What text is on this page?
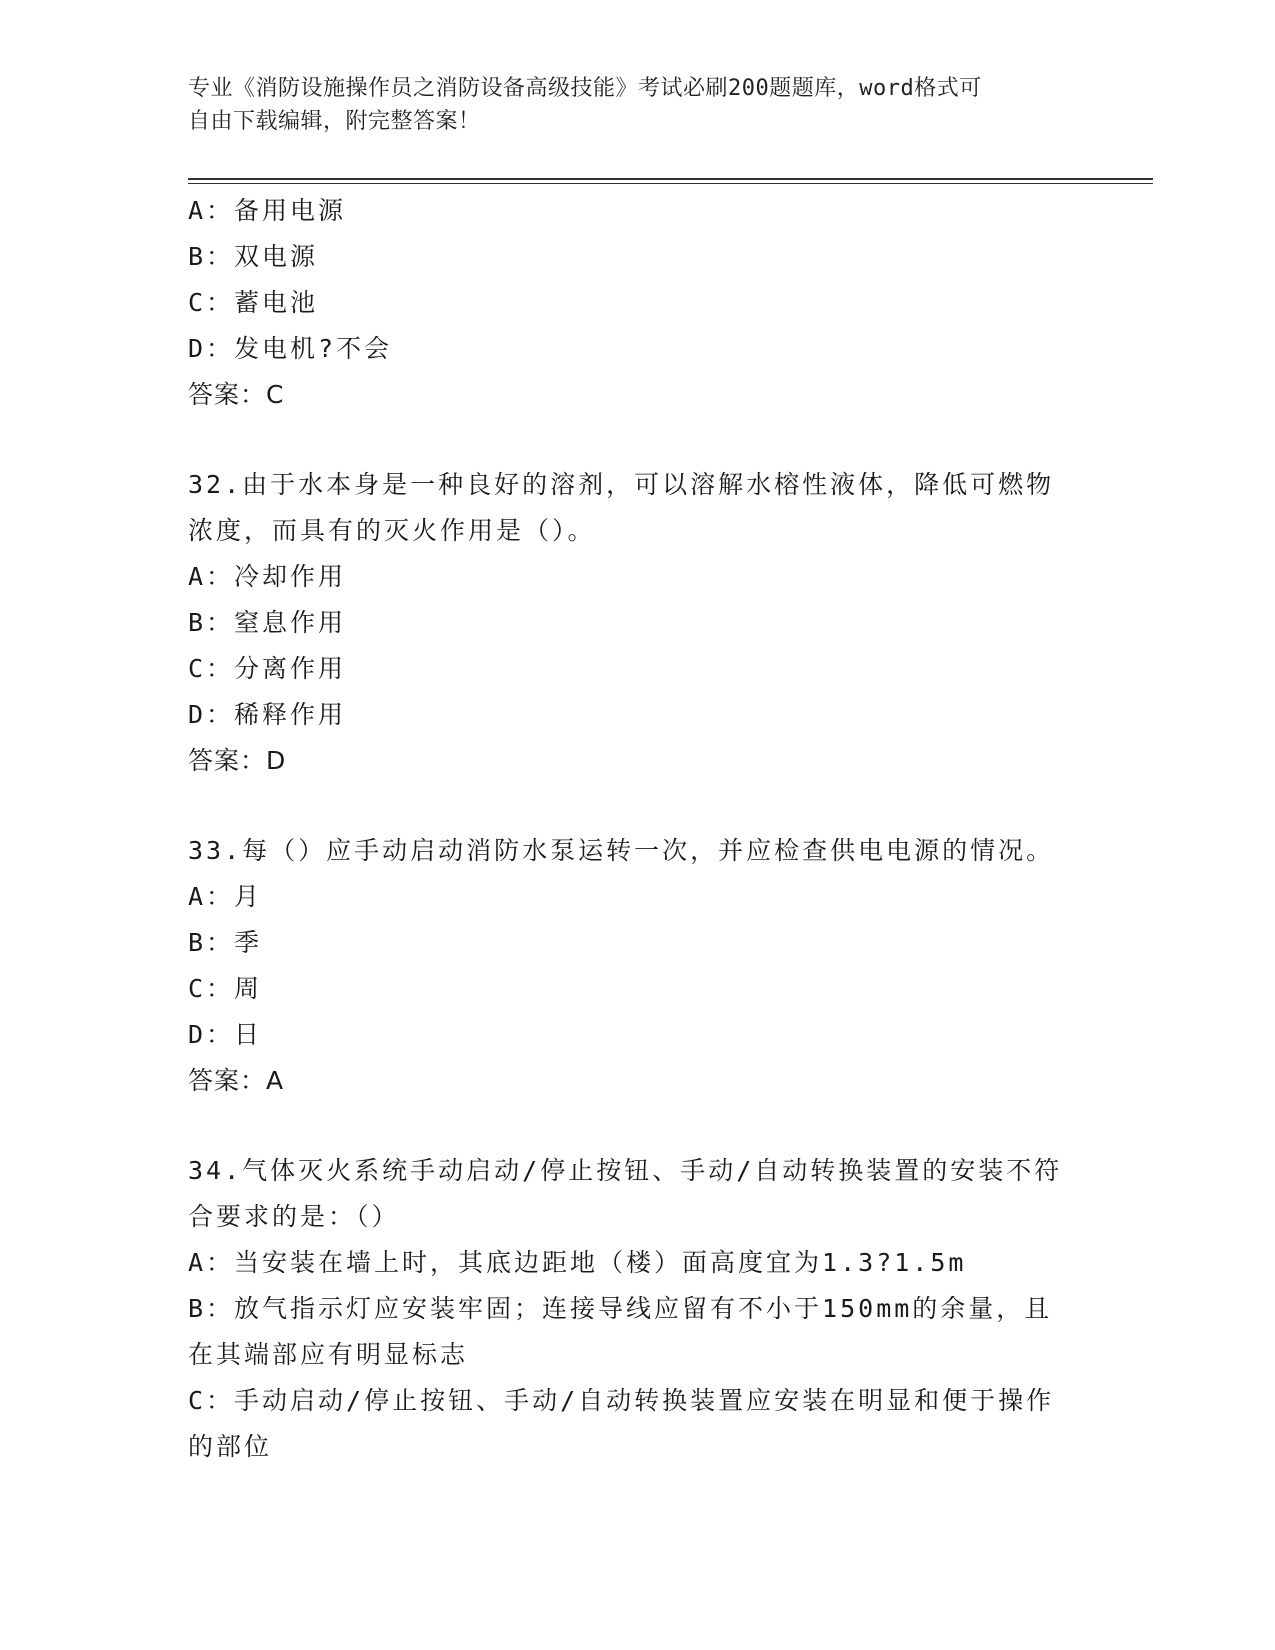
专业《消防设施操作员之消防设备高级技能》考试必刷200题题库，word格式可
自由下载编辑，附完整答案！
A：备用电源
B：双电源
C：蓄电池
D：发电机?不会
答案：C
32.由于水本身是一种良好的溶剂，可以溶解水榕性液体，降低可燃物
浓度，而具有的灭火作用是（）。
A：冷却作用
B：窒息作用
C：分离作用
D：稀释作用
答案：D
33.每（）应手动启动消防水泵运转一次，并应检查供电电源的情况。
A：月
B：季
C：周
D：日
答案：A
34.气体灭火系统手动启动/停止按钮、手动/自动转换装置的安装不符
合要求的是：（）
A：当安装在墙上时，其底边距地（楼）面高度宜为1.3?1.5m
B：放气指示灯应安装牢固；连接导线应留有不小于150mm的余量，且
在其端部应有明显标志
C：手动启动/停止按钮、手动/自动转换装置应安装在明显和便于操作
的部位
